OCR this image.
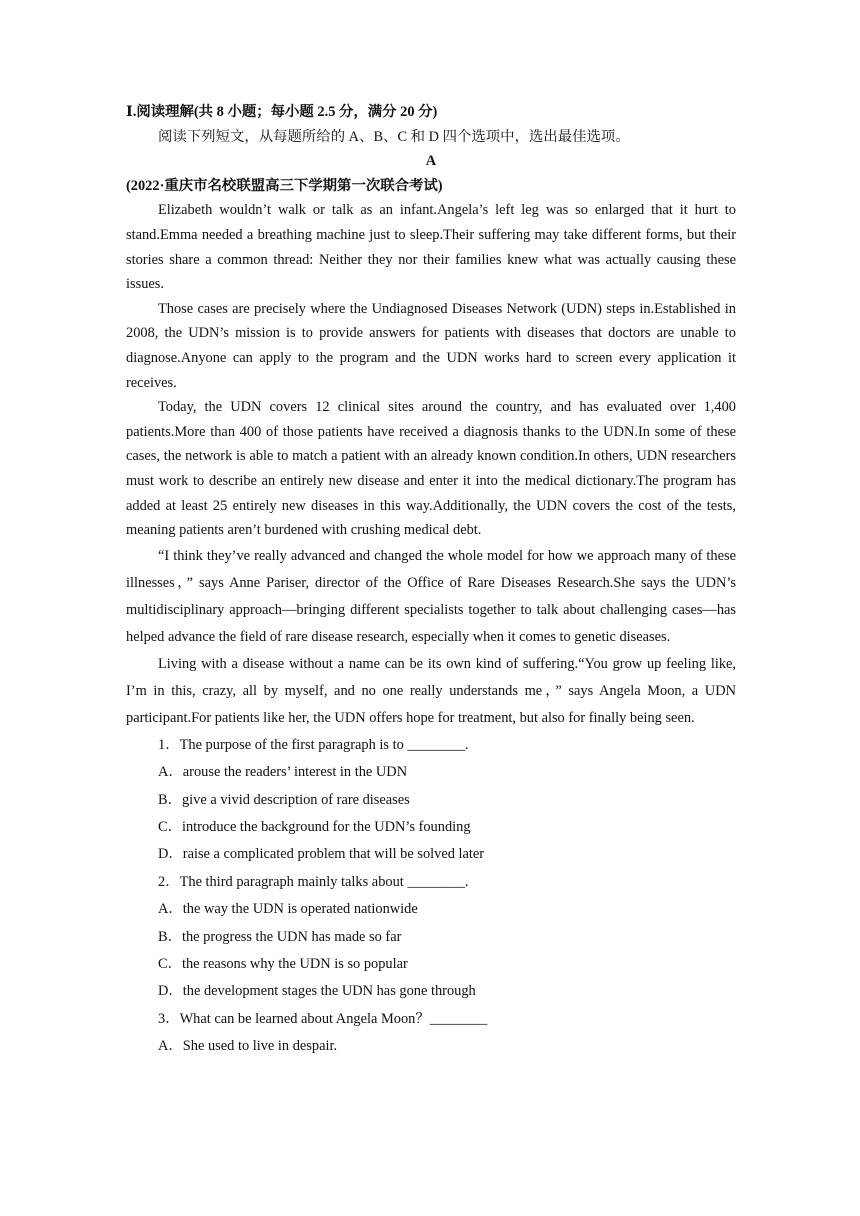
Ⅰ.阅读理解(共 8 小题；每小题 2.5 分，满分 20 分)

阅读下列短文，从每题所给的 A、B、C 和 D 四个选项中，选出最佳选项。

A

(2022·重庆市名校联盟高三下学期第一次联合考试)

Elizabeth wouldn’t walk or talk as an infant.Angela’s left leg was so enlarged that it hurt to stand.Emma needed a breathing machine just to sleep.Their suffering may take different forms, but their stories share a common thread: Neither they nor their families knew what was actually causing these issues.

Those cases are precisely where the Undiagnosed Diseases Network (UDN) steps in.Established in 2008, the UDN’s mission is to provide answers for patients with diseases that doctors are unable to diagnose.Anyone can apply to the program and the UDN works hard to screen every application it receives.

Today, the UDN covers 12 clinical sites around the country, and has evaluated over 1,400 patients.More than 400 of those patients have received a diagnosis thanks to the UDN.In some of these cases, the network is able to match a patient with an already known condition.In others, UDN researchers must work to describe an entirely new disease and enter it into the medical dictionary.The program has added at least 25 entirely new diseases in this way.Additionally, the UDN covers the cost of the tests, meaning patients aren’t burdened with crushing medical debt.

“I think they’ve really advanced and changed the whole model for how we approach many of these illnesses，” says Anne Pariser, director of the Office of Rare Diseases Research.She says the UDN’s multidisciplinary approach—bringing different specialists together to talk about challenging cases—has helped advance the field of rare disease research, especially when it comes to genetic diseases.

Living with a disease without a name can be its own kind of suffering.“You grow up feeling like, I’m in this, crazy, all by myself, and no one really understands me，” says Angela Moon, a UDN participant.For patients like her, the UDN offers hope for treatment, but also for finally being seen.

1．The purpose of the first paragraph is to ________.
A．arouse the readers’ interest in the UDN
B．give a vivid description of rare diseases
C．introduce the background for the UDN’s founding
D．raise a complicated problem that will be solved later
2．The third paragraph mainly talks about ________.
A．the way the UDN is operated nationwide
B．the progress the UDN has made so far
C．the reasons why the UDN is so popular
D．the development stages the UDN has gone through
3．What can be learned about Angela Moon？________
A．She used to live in despair.
